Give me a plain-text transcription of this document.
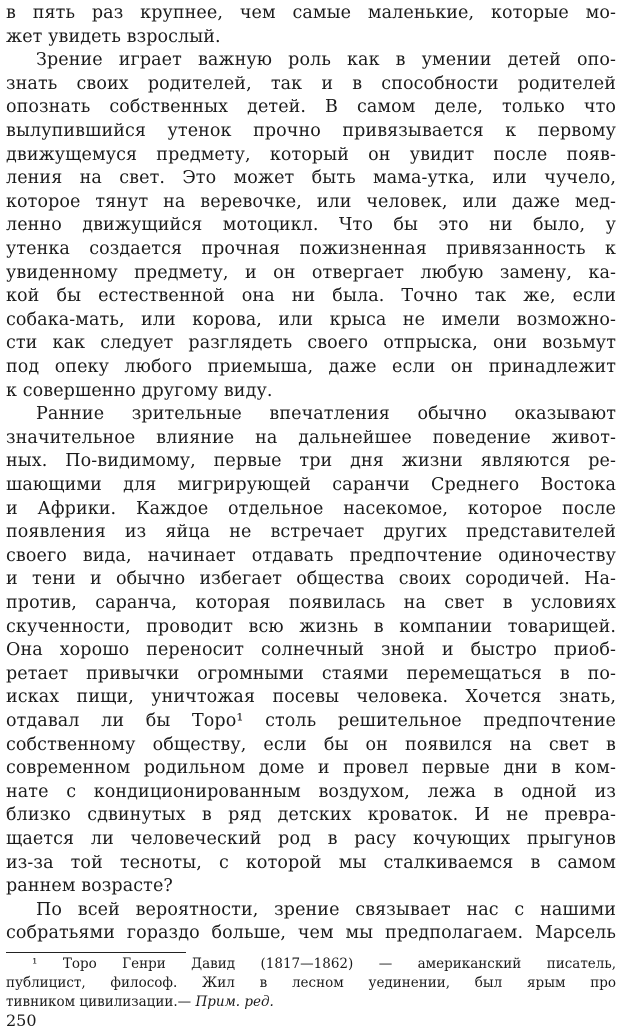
в пять раз крупнее, чем самые маленькие, которые мо-
жет увидеть взрослый.
Зрение играет важную роль как в умении детей опо-
знать своих родителей, так и в способности родителей
опознать собственных детей. В самом деле, только что
вылупившийся утенок прочно привязывается к первому
движущемуся предмету, который он увидит после появ-
ления на свет. Это может быть мама-утка, или чучело,
которое тянут на веревочке, или человек, или даже мед-
ленно движущийся мотоцикл. Что бы это ни было, у
утенка создается прочная пожизненная привязанность к
увиденному предмету, и он отвергает любую замену, ка-
кой бы естественной она ни была. Точно так же, если
собака-мать, или корова, или крыса не имели возможно-
сти как следует разглядеть своего отпрыска, они возьмут
под опеку любого приемыша, даже если он принадлежит
к совершенно другому виду.
Ранние зрительные впечатления обычно оказывают
значительное влияние на дальнейшее поведение живот-
ных. По-видимому, первые три дня жизни являются ре-
шающими для мигрирующей саранчи Среднего Востока
и Африки. Каждое отдельное насекомое, которое после
появления из яйца не встречает других представителей
своего вида, начинает отдавать предпочтение одиночеству
и тени и обычно избегает общества своих сородичей. На-
против, саранча, которая появилась на свет в условиях
скученности, проводит всю жизнь в компании товарищей.
Она хорошо переносит солнечный зной и быстро приоб-
ретает привычки огромными стаями перемещаться в по-
исках пищи, уничтожая посевы человека. Хочется знать,
отдавал ли бы Торо¹ столь решительное предпочтение
собственному обществу, если бы он появился на свет в
современном родильном доме и провел первые дни в ком-
нате с кондиционированным воздухом, лежа в одной из
близко сдвинутых в ряд детских кроваток. И не превра-
щается ли человеческий род в расу кочующих прыгунов
из-за той тесноты, с которой мы сталкиваемся в самом
раннем возрасте?
По всей вероятности, зрение связывает нас с нашими
собратьями гораздо больше, чем мы предполагаем. Марсель
¹ Торо Генри Давид (1817—1862) — американский писатель,
публицист, философ. Жил в лесном уединении, был ярым про
тивником цивилизации.— Прим. ред.
250
